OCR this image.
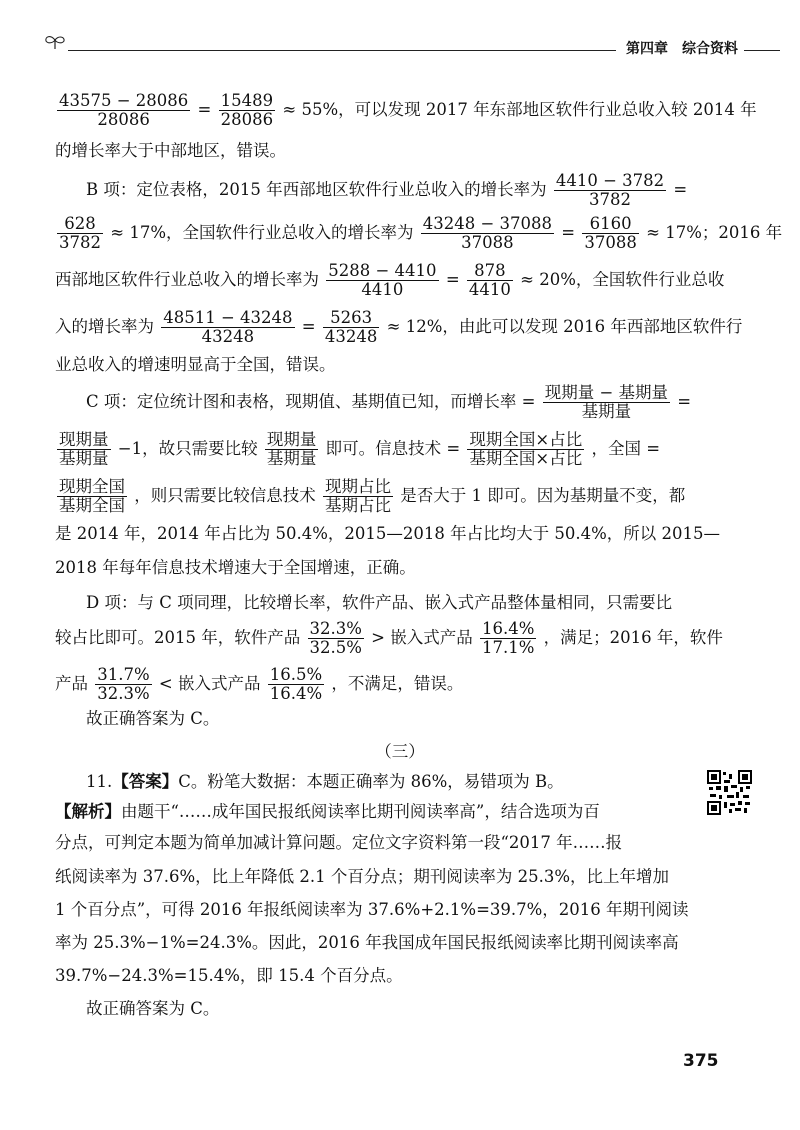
第四章 综合资料
$\frac{43575 - 28086}{28086} = \frac{15489}{28086} \approx 55\%$，可以发现 2017 年东部地区软件行业总收入较 2014 年
的增长率大于中部地区，错误。
B 项：定位表格，2015 年西部地区软件行业总收入的增长率为 $\frac{4410 - 3782}{3782}$ =
$\frac{628}{3782} \approx 17\%$，全国软件行业总收入的增长率为 $\frac{43248 - 37088}{37088} = \frac{6160}{37088} \approx 17\%$；2016 年
西部地区软件行业总收入的增长率为 $\frac{5288 - 4410}{4410} = \frac{878}{4410} \approx 20\%$，全国软件行业总收
入的增长率为 $\frac{48511 - 43248}{43248} = \frac{5263}{43248} \approx 12\%$，由此可以发现 2016 年西部地区软件行
业总收入的增速明显高于全国，错误。
C 项：定位统计图和表格，现期值、基期值已知，而增长率 = 现期量 − 基期量
基期量
=
现期量
基期量
−1，故只需要比较 现期量
基期量
即可。信息技术 = 现期全国×占比
基期全国×占比
，全国 =
现期全国
基期全国
，则只需要比较信息技术 现期占比
基期占比
是否大于 1 即可。因为基期量不变，都
是 2014 年，2014 年占比为 50.4%，2015—2018 年占比均大于 50.4%，所以 2015—
2018 年每年信息技术增速大于全国增速，正确。
D 项：与 C 项同理，比较增长率，软件产品、嵌入式产品整体量相同，只需要比
较占比即可。2015 年，软件产品 $\frac{32.3\%}{32.5\%}$ > 嵌入式产品 $\frac{16.4\%}{17.1\%}$ ，满足；2016 年，软件
产品 $\frac{31.7\%}{32.3\%}$ < 嵌入式产品 $\frac{16.5\%}{16.4\%}$ ，不满足，错误。
故正确答案为 C。
（三）
11.【答案】C。粉笔大数据：本题正确率为 86%，易错项为 B。
【解析】由题干“……成年国民报纸阅读率比期刊阅读率高”，结合选项为百
分点，可判定本题为简单加减计算问题。定位文字资料第一段“2017 年……报
纸阅读率为 37.6%，比上年降低 2.1 个百分点；期刊阅读率为 25.3%，比上年增加
1 个百分点”，可得 2016 年报纸阅读率为 37.6%+2.1%=39.7%，2016 年期刊阅读
率为 25.3%−1%=24.3%。因此，2016 年我国成年国民报纸阅读率比期刊阅读率高
39.7%−24.3%=15.4%，即 15.4 个百分点。
故正确答案为 C。
375
